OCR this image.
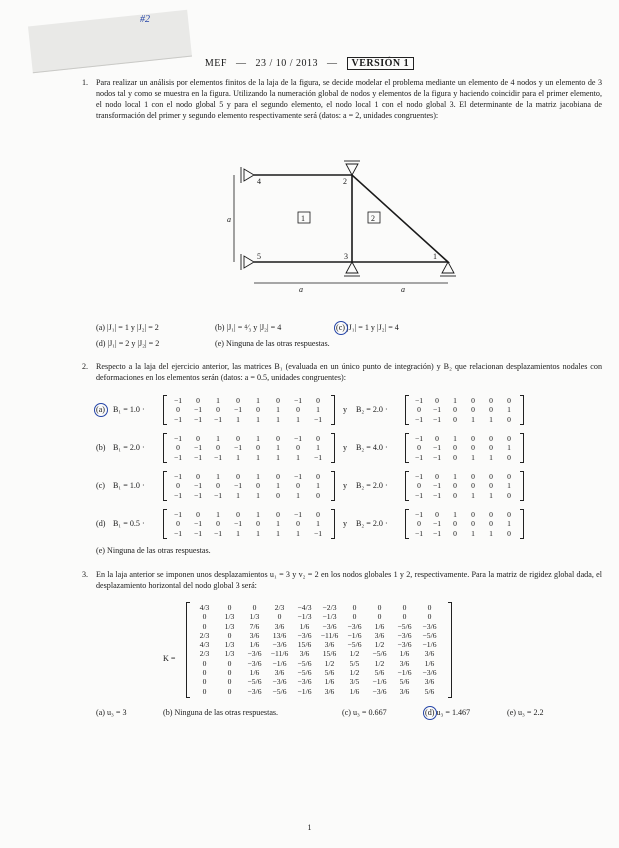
#2
MEF — 23 / 10 / 2013 — VERSIÓN 1
1. Para realizar un análisis por elementos finitos de la laja de la figura, se decide modelar el problema mediante un elemento de 4 nodos y un elemento de 3 nodos tal y como se muestra en la figura. Utilizando la numeración global de nodos y elementos de la figura y haciendo coincidir para el primer elemento, el nodo local 1 con el nodo global 5 y para el segundo elemento, el nodo local 1 con el nodo global 3. El determinante de la matriz jacobiana de transformación del primer y segundo elemento respectivamente será (datos: a = 2, unidades congruentes):
4	2
3
5	1
1	2
a
a	a
(a) |J₁| = 1 y |J₂| = 2	(b) |J₁| = ⁴⁄₃ y |J₂| = 4	(c) |J₁| = 1 y |J₂| = 4
(d) |J₁| = 2 y |J₂| = 2	(e) Ninguna de las otras respuestas.
2. Respecto a la laja del ejercicio anterior, las matrices B₁ (evaluada en un único punto de integración) y B₂ que relacionan desplazamientos nodales con deformaciones en los elementos serán (datos: a = 0.5, unidades congruentes):
(a) B₁ = 1.0 ·
−1 0 1 0 1 0 −1 0
0 −1 0 −1 0 1 0 1
−1 −1 −1 1 1 1 1 −1
y B₂ = 2.0 ·
−1 0 1 0 0 0
0 −1 0 0 0 1
−1 −1 0 1 1 0
(b) B₁ = 2.0 ·
−1 0 1 0 1 0 −1 0
0 −1 0 −1 0 1 0 1
−1 −1 −1 1 1 1 1 −1
y B₂ = 4.0 ·
−1 0 1 0 0 0
0 −1 0 0 0 1
−1 −1 0 1 1 0
(c) B₁ = 1.0 ·
−1 0 1 0 1 0 −1 0
0 −1 0 −1 0 1 0 1
−1 −1 −1 1 1 0 1 0
y B₂ = 2.0 ·
−1 0 1 0 0 0
0 −1 0 0 0 1
−1 −1 0 1 1 0
(d) B₁ = 0.5 ·
−1 0 1 0 1 0 −1 0
0 −1 0 −1 0 1 0 1
−1 −1 −1 1 1 1 1 −1
y B₂ = 2.0 ·
−1 0 1 0 0 0
0 −1 0 0 0 1
−1 −1 0 1 1 0
(e) Ninguna de las otras respuestas.
3. En la laja anterior se imponen unos desplazamientos u₁ = 3 y v₂ = 2 en los nodos globales 1 y 2, respectivamente. Para la matriz de rigidez global dada, el desplazamiento horizontal del nodo global 3 será:
K =
4/3 0	0 2/3 −4/3 −2/3 0	0	0	0
0 1/3 1/3 0 −1/3 −1/3 0	0	0	0
0 1/3 7/6 3/6 1/6 −3/6 −3/6 1/6 −5/6 −3/6
2/3 0 3/6 13/6 −3/6 −11/6 −1/6 3/6 −3/6 −5/6
4/3 1/3 1/6 −3/6 15/6 3/6 −5/6 1/2 −3/6 −1/6
2/3 1/3 −3/6 −11/6 3/6 15/6 1/2 −5/6 1/6 3/6
0	0 −3/6 −1/6 −5/6 1/2 5/5 1/2 3/6 1/6
0	0 1/6 3/6 −5/6 5/6 1/2 5/6 −1/6 −3/6
0	0 −5/6 −3/6 −3/6 1/6 3/5 −1/6 5/6 3/6
0	0 −3/6 −5/6 −1/6 3/6 1/6 −3/6 3/6 5/6
(a) u₃ = 3	(b) Ninguna de las otras respuestas.	(c) u₃ = 0.667	(d) u₃ = 1.467	(e) u₃ = 2.2
1
